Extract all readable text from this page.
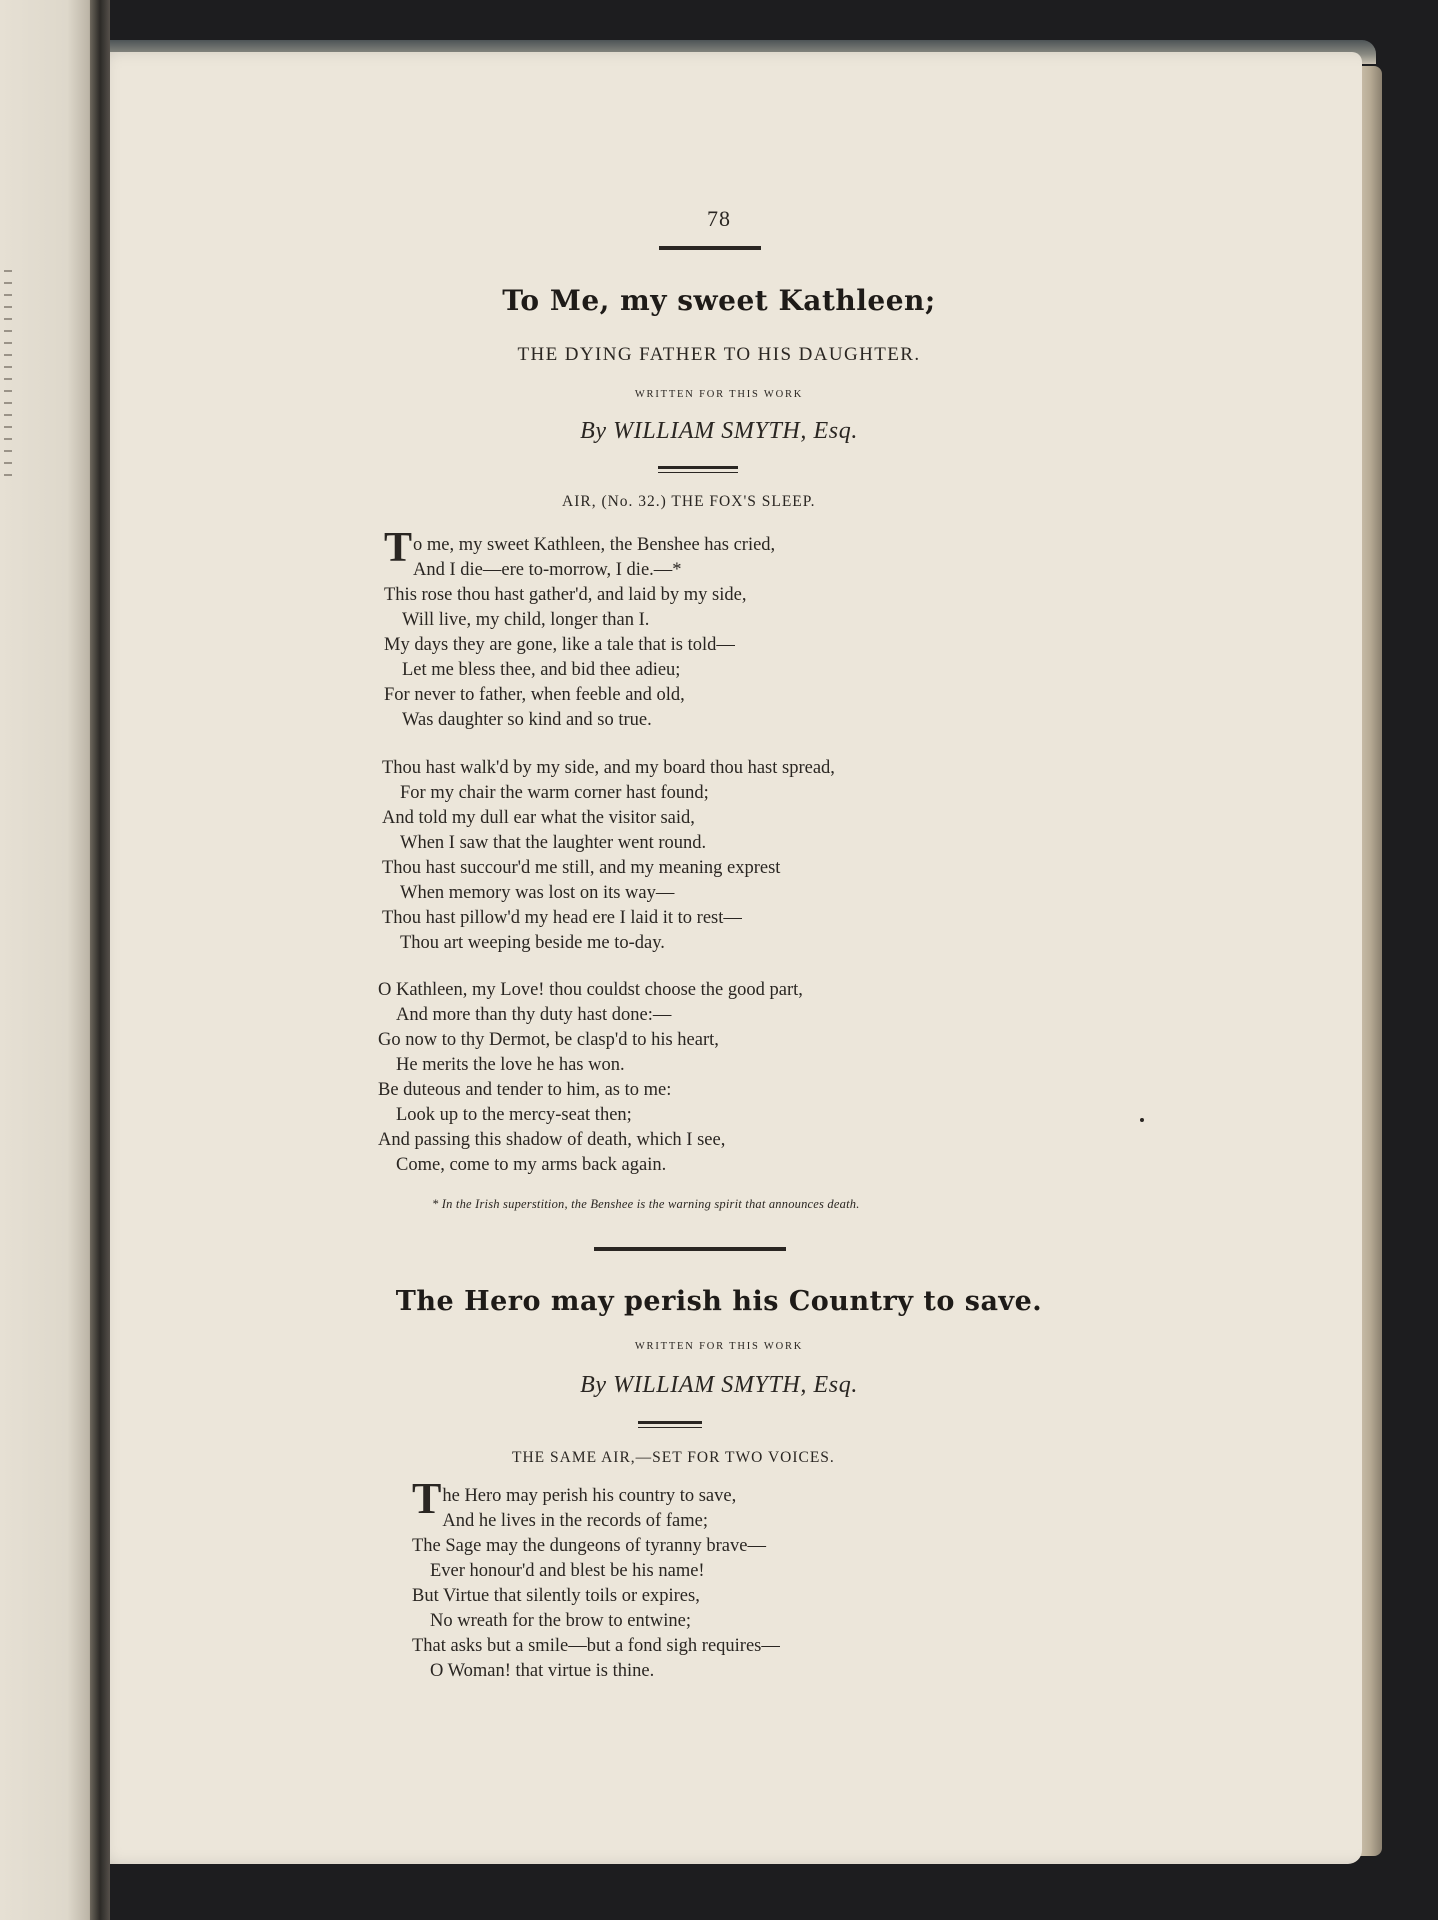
78
To Me, my sweet Kathleen;
THE DYING FATHER TO HIS DAUGHTER.
WRITTEN FOR THIS WORK
By WILLIAM SMYTH, Esq.
AIR, (No. 32.) THE FOX'S SLEEP.
To me, my sweet Kathleen, the Benshee has cried,
And I die—ere to-morrow, I die.—*
This rose thou hast gather'd, and laid by my side,
Will live, my child, longer than I.
My days they are gone, like a tale that is told—
Let me bless thee, and bid thee adieu;
For never to father, when feeble and old,
Was daughter so kind and so true.
Thou hast walk'd by my side, and my board thou hast spread,
For my chair the warm corner hast found;
And told my dull ear what the visitor said,
When I saw that the laughter went round.
Thou hast succour'd me still, and my meaning exprest
When memory was lost on its way—
Thou hast pillow'd my head ere I laid it to rest—
Thou art weeping beside me to-day.
O Kathleen, my Love! thou couldst choose the good part,
And more than thy duty hast done:—
Go now to thy Dermot, be clasp'd to his heart,
He merits the love he has won.
Be duteous and tender to him, as to me:
Look up to the mercy-seat then;
And passing this shadow of death, which I see,
Come, come to my arms back again.
* In the Irish superstition, the Benshee is the warning spirit that announces death.
The Hero may perish his Country to save.
WRITTEN FOR THIS WORK
By WILLIAM SMYTH, Esq.
THE SAME AIR,—SET FOR TWO VOICES.
The Hero may perish his country to save,
And he lives in the records of fame;
The Sage may the dungeons of tyranny brave—
Ever honour'd and blest be his name!
But Virtue that silently toils or expires,
No wreath for the brow to entwine;
That asks but a smile—but a fond sigh requires—
O Woman! that virtue is thine.
